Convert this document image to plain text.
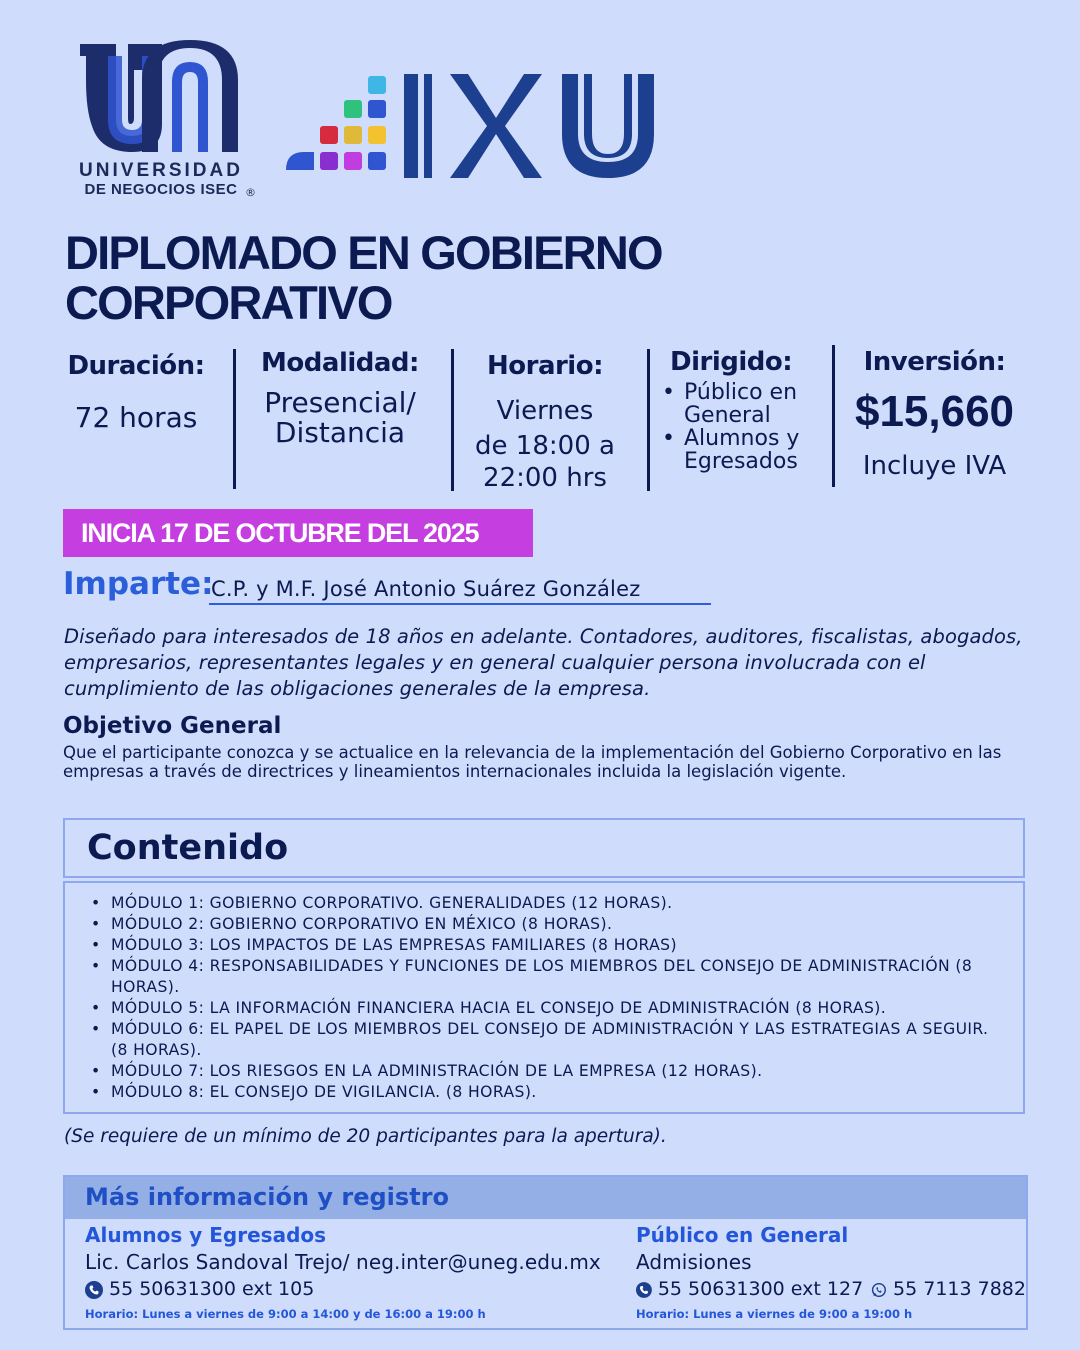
UNIVERSIDAD
DE NEGOCIOS ISEC ®
DIPLOMADO EN GOBIERNO
CORPORATIVO
Duración:
72 horas
Modalidad:
Presencial/
Distancia
Horario:
Viernes
de 18:00 a
22:00 hrs
Dirigido:
• Público en
General
• Alumnos y
Egresados
Inversión:
$15,660
Incluye IVA
INICIA 17 DE OCTUBRE DEL 2025
Imparte:
C.P. y M.F. José Antonio Suárez González
Diseñado para interesados de 18 años en adelante. Contadores, auditores, fiscalistas, abogados, empresarios, representantes legales y en general cualquier persona involucrada con el cumplimiento de las obligaciones generales de la empresa.
Objetivo General
Que el participante conozca y se actualice en la relevancia de la implementación del Gobierno Corporativo en las empresas a través de directrices y lineamientos internacionales incluida la legislación vigente.
Contenido
• MÓDULO 1: GOBIERNO CORPORATIVO. GENERALIDADES (12 HORAS).
• MÓDULO 2: GOBIERNO CORPORATIVO EN MÉXICO (8 HORAS).
• MÓDULO 3: LOS IMPACTOS DE LAS EMPRESAS FAMILIARES (8 HORAS)
• MÓDULO 4: RESPONSABILIDADES Y FUNCIONES DE LOS MIEMBROS DEL CONSEJO DE ADMINISTRACIÓN (8 HORAS).
• MÓDULO 5: LA INFORMACIÓN FINANCIERA HACIA EL CONSEJO DE ADMINISTRACIÓN (8 HORAS).
• MÓDULO 6: EL PAPEL DE LOS MIEMBROS DEL CONSEJO DE ADMINISTRACIÓN Y LAS ESTRATEGIAS A SEGUIR. (8 HORAS).
• MÓDULO 7: LOS RIESGOS EN LA ADMINISTRACIÓN DE LA EMPRESA (12 HORAS).
• MÓDULO 8: EL CONSEJO DE VIGILANCIA. (8 HORAS).
(Se requiere de un mínimo de 20 participantes para la apertura).
Más información y registro
Alumnos y Egresados
Lic. Carlos Sandoval Trejo/ neg.inter@uneg.edu.mx
55 50631300 ext 105
Horario: Lunes a viernes de 9:00 a 14:00 y de 16:00 a 19:00 h
Público en General
Admisiones
55 50631300 ext 127 55 7113 7882
Horario: Lunes a viernes de 9:00 a 19:00 h
